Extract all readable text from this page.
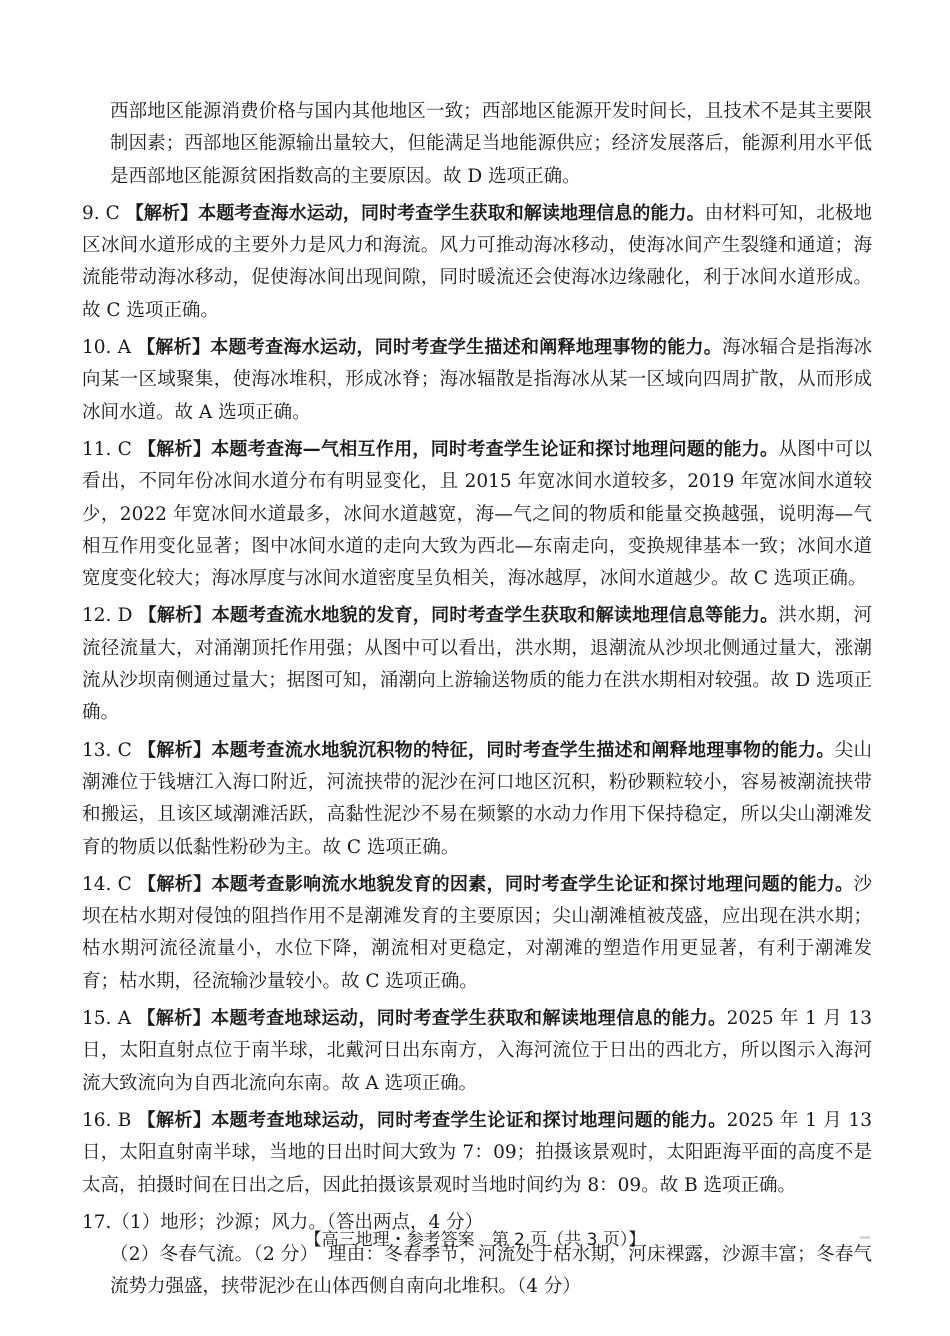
西部地区能源消费价格与国内其他地区一致；西部地区能源开发时间长，且技术不是其主要限制因素；西部地区能源输出量较大，但能满足当地能源供应；经济发展落后，能源利用水平低是西部地区能源贫困指数高的主要原因。故 D 选项正确。

9. C 【解析】本题考查海水运动，同时考查学生获取和解读地理信息的能力。由材料可知，北极地区冰间水道形成的主要外力是风力和海流。风力可推动海冰移动，使海冰间产生裂缝和通道；海流能带动海冰移动，促使海冰间出现间隙，同时暖流还会使海冰边缘融化，利于冰间水道形成。故 C 选项正确。

10. A 【解析】本题考查海水运动，同时考查学生描述和阐释地理事物的能力。海冰辐合是指海冰向某一区域聚集，使海冰堆积，形成冰脊；海冰辐散是指海冰从某一区域向四周扩散，从而形成冰间水道。故 A 选项正确。

11. C 【解析】本题考查海—气相互作用，同时考查学生论证和探讨地理问题的能力。从图中可以看出，不同年份冰间水道分布有明显变化，且 2015 年宽冰间水道较多，2019 年宽冰间水道较少，2022 年宽冰间水道最多，冰间水道越宽，海—气之间的物质和能量交换越强，说明海—气相互作用变化显著；图中冰间水道的走向大致为西北—东南走向，变换规律基本一致；冰间水道宽度变化较大；海冰厚度与冰间水道密度呈负相关，海冰越厚，冰间水道越少。故 C 选项正确。

12. D 【解析】本题考查流水地貌的发育，同时考查学生获取和解读地理信息等能力。洪水期，河流径流量大，对涌潮顶托作用强；从图中可以看出，洪水期，退潮流从沙坝北侧通过量大，涨潮流从沙坝南侧通过量大；据图可知，涌潮向上游输送物质的能力在洪水期相对较强。故 D 选项正确。

13. C 【解析】本题考查流水地貌沉积物的特征，同时考查学生描述和阐释地理事物的能力。尖山潮滩位于钱塘江入海口附近，河流挟带的泥沙在河口地区沉积，粉砂颗粒较小，容易被潮流挟带和搬运，且该区域潮滩活跃，高黏性泥沙不易在频繁的水动力作用下保持稳定，所以尖山潮滩发育的物质以低黏性粉砂为主。故 C 选项正确。

14. C 【解析】本题考查影响流水地貌发育的因素，同时考查学生论证和探讨地理问题的能力。沙坝在枯水期对侵蚀的阻挡作用不是潮滩发育的主要原因；尖山潮滩植被茂盛，应出现在洪水期；枯水期河流径流量小，水位下降，潮流相对更稳定，对潮滩的塑造作用更显著，有利于潮滩发育；枯水期，径流输沙量较小。故 C 选项正确。

15. A 【解析】本题考查地球运动，同时考查学生获取和解读地理信息的能力。2025 年 1 月 13 日，太阳直射点位于南半球，北戴河日出东南方，入海河流位于日出的西北方，所以图示入海河流大致流向为自西北流向东南。故 A 选项正确。

16. B 【解析】本题考查地球运动，同时考查学生论证和探讨地理问题的能力。2025 年 1 月 13 日，太阳直射南半球，当地的日出时间大致为 7：09；拍摄该景观时，太阳距海平面的高度不是太高，拍摄时间在日出之后，因此拍摄该景观时当地时间约为 8：09。故 B 选项正确。

17.（1）地形；沙源；风力。（答出两点，4 分）
（2）冬春气流。（2 分）　理由：冬春季节，河流处于枯水期，河床裸露，沙源丰富；冬春气流势力强盛，挟带泥沙在山体西侧自南向北堆积。（4 分）
【高三地理・参考答案　第 2 页（共 3 页）】
